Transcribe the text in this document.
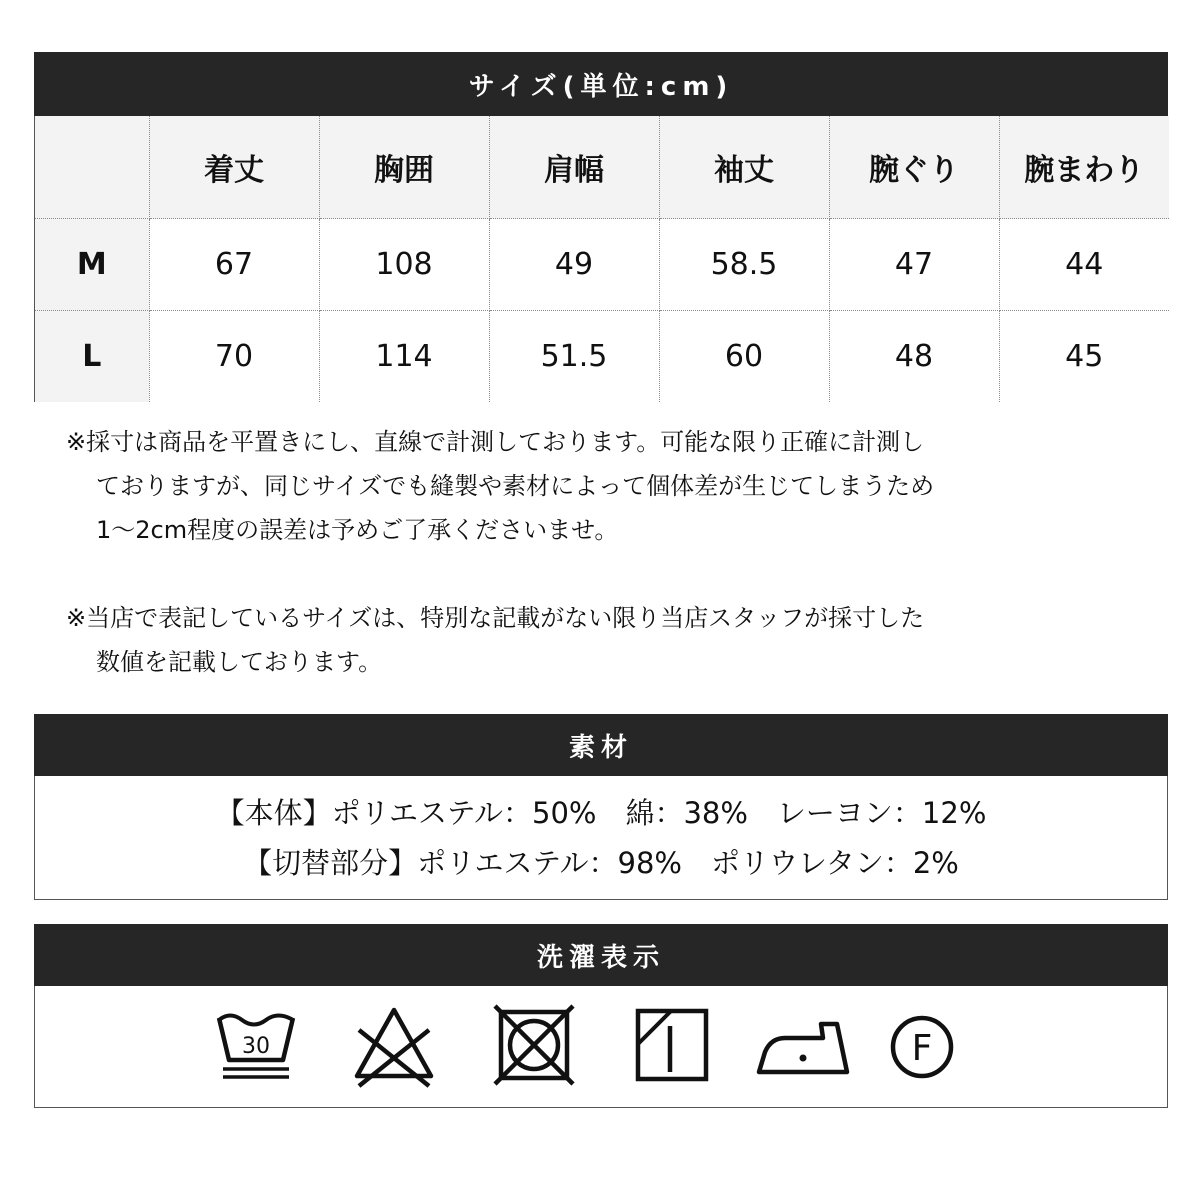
サイズ(単位:cm)
	着丈	胸囲	肩幅	袖丈	腕ぐり	腕まわり
M	67	108	49	58.5	47	44
L	70	114	51.5	60	48	45
※採寸は商品を平置きにし、直線で計測しております。可能な限り正確に計測し
ておりますが、同じサイズでも縫製や素材によって個体差が生じてしまうため
1〜2cm程度の誤差は予めご了承くださいませ。
※当店で表記しているサイズは、特別な記載がない限り当店スタッフが採寸した
数値を記載しております。
素材
【本体】ポリエステル：50%　綿：38%　レーヨン：12%
【切替部分】ポリエステル：98%　ポリウレタン：2%
洗濯表示
30	F
